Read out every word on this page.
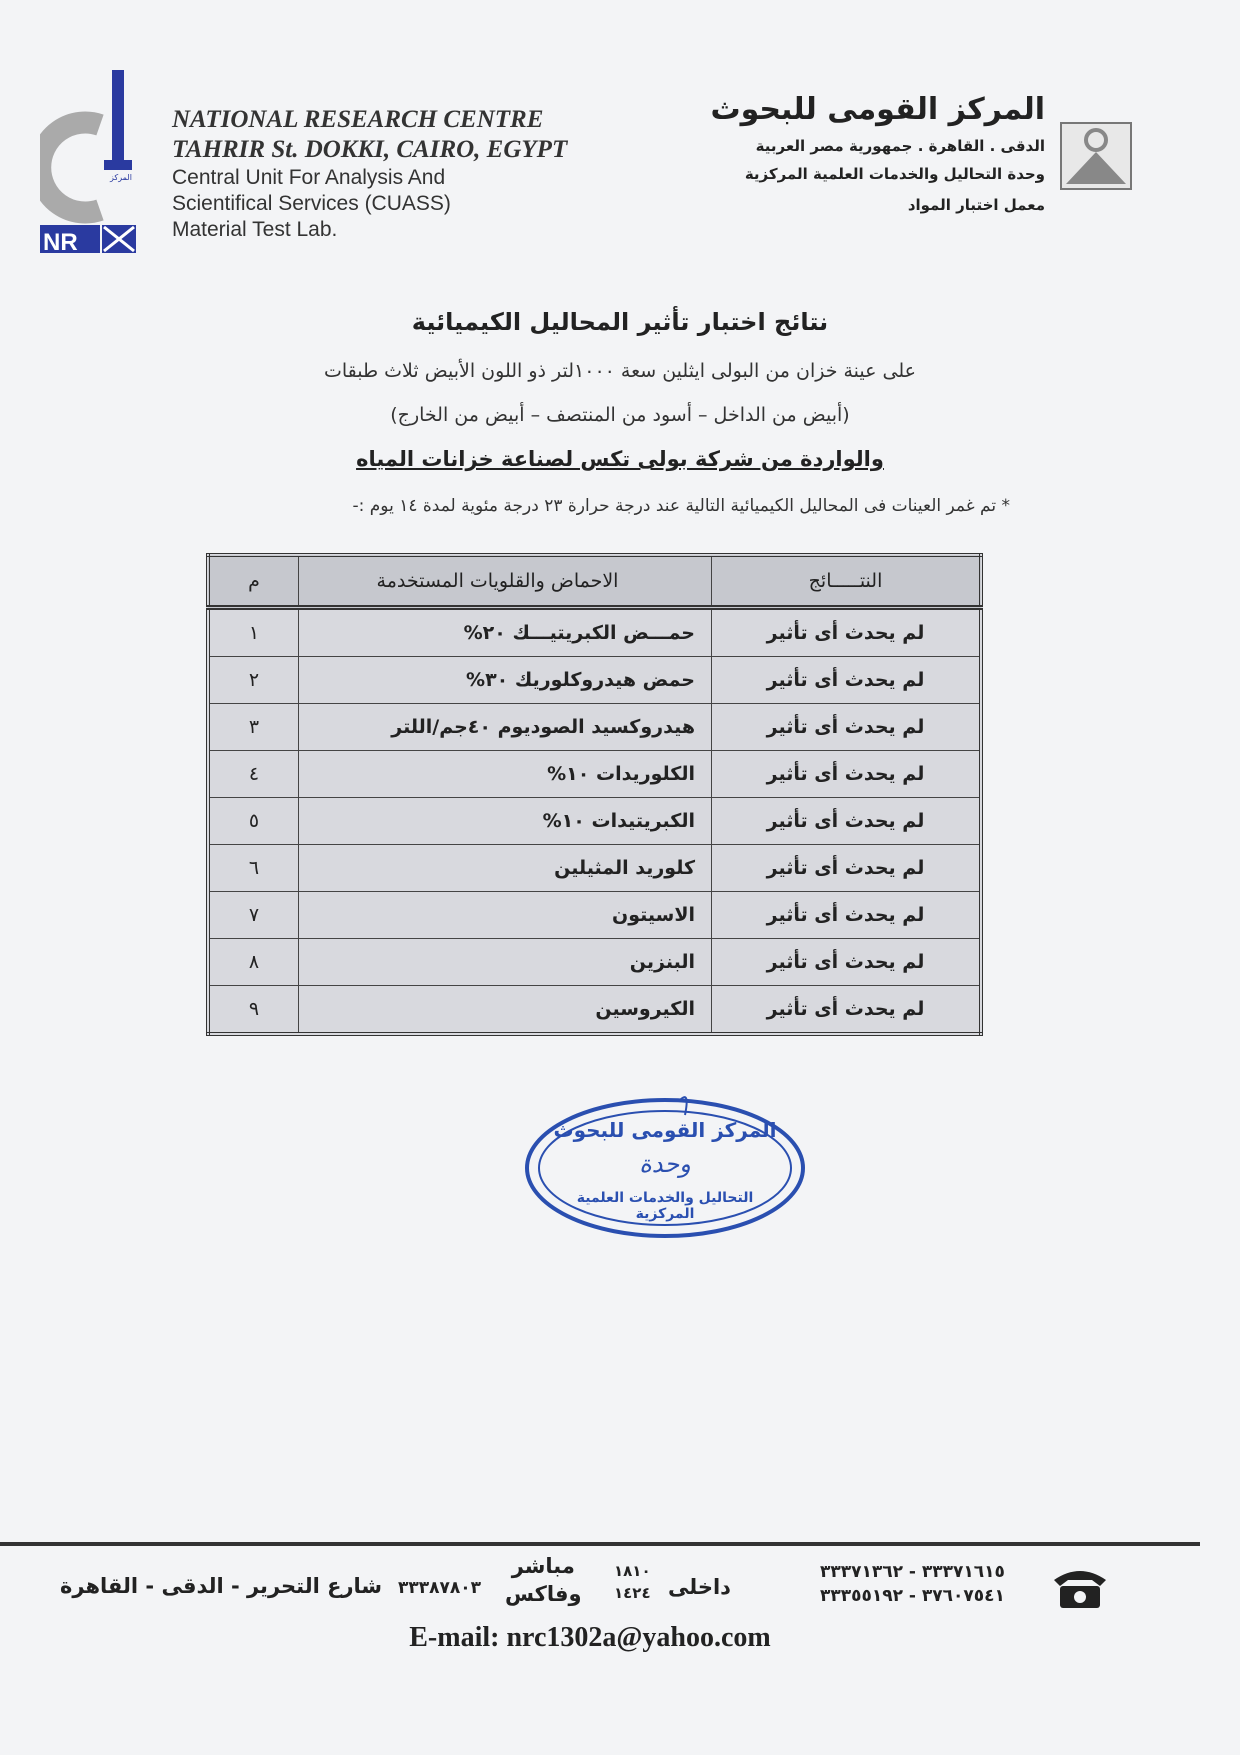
المركز
NR
NATIONAL RESEARCH CENTRE
TAHRIR St. DOKKI, CAIRO, EGYPT
Central Unit For Analysis And
Scientifical Services (CUASS)
Material Test Lab.
المركز القومى للبحوث
الدقى . القاهرة . جمهورية مصر العربية
وحدة التحاليل والخدمات العلمية المركزية
معمل اختبار المواد
نتائج اختبار تأثير المحاليل الكيميائية
على عينة خزان من البولى ايثلين سعة ١٠٠٠لتر ذو اللون الأبيض ثلاث طبقات
(أبيض من الداخل – أسود من المنتصف – أبيض من الخارج)
والواردة من شركة بولى تكس لصناعة خزانات المياه
* تم غمر العينات فى المحاليل الكيميائية التالية عند درجة حرارة ٢٣ درجة مئوية لمدة ١٤ يوم :-
م	الاحماض والقلويات المستخدمة	النتـــــائج
١	حمـــض الكبريتيـــك ٢٠%	لم يحدث أى تأثير
٢	حمض هيدروكلوريك ٣٠%	لم يحدث أى تأثير
٣	هيدروكسيد الصوديوم ٤٠جم/اللتر	لم يحدث أى تأثير
٤	الكلوريدات ١٠%	لم يحدث أى تأثير
٥	الكبريتيدات ١٠%	لم يحدث أى تأثير
٦	كلوريد المثيلين	لم يحدث أى تأثير
٧	الاسيتون	لم يحدث أى تأثير
٨	البنزين	لم يحدث أى تأثير
٩	الكيروسين	لم يحدث أى تأثير
المركز القومى للبحوث
وحدة
التحاليل والخدمات العلمية المركزية
٣٣٣٧١٦١٥ - ٣٣٣٧١٣٦٢
٣٧٦٠٧٥٤١ - ٣٣٣٥٥١٩٢
داخلى
١٨١٠
١٤٢٤
مباشر
وفاكس
٣٣٣٨٧٨٠٣
شارع التحرير - الدقى - القاهرة
E-mail: nrc1302a@yahoo.com
